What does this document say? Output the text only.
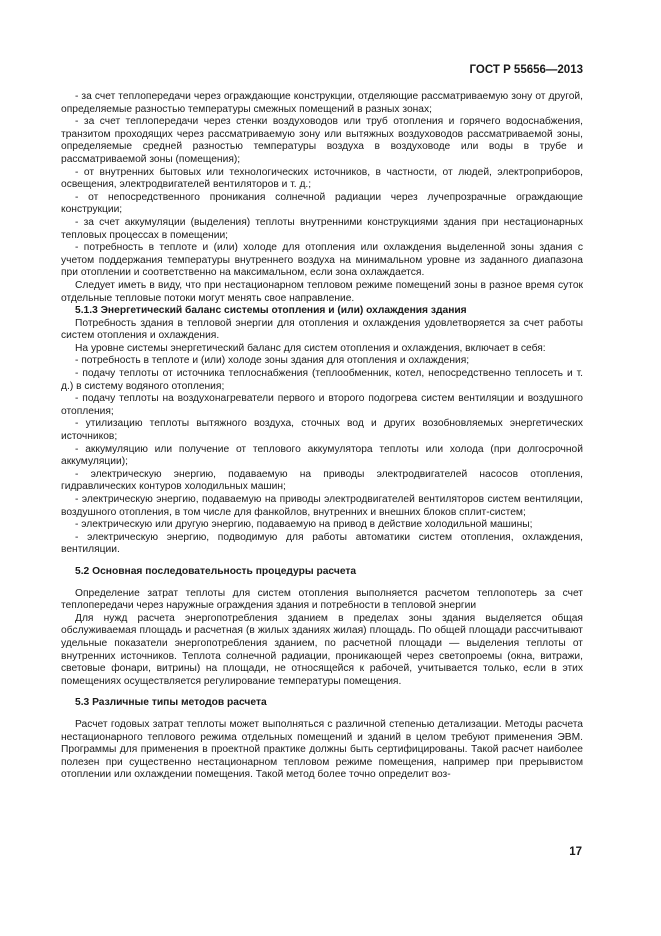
ГОСТ Р 55656—2013

- за счет теплопередачи через ограждающие конструкции, отделяющие рассматриваемую зону от другой, определяемые разностью температуры смежных помещений в разных зонах;

- за счет теплопередачи через стенки воздуховодов или труб отопления и горячего водоснабжения, транзитом проходящих через рассматриваемую зону или вытяжных воздуховодов рассматриваемой зоны, определяемые средней разностью температуры воздуха в воздуховоде или воды в трубе и рассматриваемой зоны (помещения);

- от внутренних бытовых или технологических источников, в частности, от людей, электроприборов, освещения, электродвигателей вентиляторов и т. д.;

- от непосредственного проникания солнечной радиации через лучепрозрачные ограждающие конструкции;

- за счет аккумуляции (выделения) теплоты внутренними конструкциями здания при нестационарных тепловых процессах в помещении;

- потребность в теплоте и (или) холоде для отопления или охлаждения выделенной зоны здания с учетом поддержания температуры внутреннего воздуха на минимальном уровне из заданного диапазона при отоплении и соответственно на максимальном, если зона охлаждается.

Следует иметь в виду, что при нестационарном тепловом режиме помещений зоны в разное время суток отдельные тепловые потоки могут менять свое направление.

5.1.3 Энергетический баланс системы отопления и (или) охлаждения здания

Потребность здания в тепловой энергии для отопления и охлаждения удовлетворяется за счет работы систем отопления и охлаждения.

На уровне системы энергетический баланс для систем отопления и охлаждения, включает в себя:

- потребность в теплоте и (или) холоде зоны здания для отопления и охлаждения;

- подачу теплоты от источника теплоснабжения (теплообменник, котел, непосредственно теплосеть и т. д.) в систему водяного отопления;

- подачу теплоты на воздухонагреватели первого и второго подогрева систем вентиляции и воздушного отопления;

- утилизацию теплоты вытяжного воздуха, сточных вод и других возобновляемых энергетических источников;

- аккумуляцию или получение от теплового аккумулятора теплоты или холода (при долгосрочной аккумуляции);

- электрическую энергию, подаваемую на приводы электродвигателей насосов отопления, гидравлических контуров холодильных машин;

- электрическую энергию, подаваемую на приводы электродвигателей вентиляторов систем вентиляции, воздушного отопления, в том числе для фанкойлов, внутренних и внешних блоков сплит-систем;

- электрическую или другую энергию, подаваемую на привод в действие холодильной машины;

- электрическую энергию, подводимую для работы автоматики систем отопления, охлаждения, вентиляции.

5.2 Основная последовательность процедуры расчета

Определение затрат теплоты для систем отопления выполняется расчетом теплопотерь за счет теплопередачи через наружные ограждения здания и потребности в тепловой энергии

Для нужд расчета энергопотребления зданием в пределах зоны здания выделяется общая обслуживаемая площадь и расчетная (в жилых зданиях жилая) площадь. По общей площади рассчитывают удельные показатели энергопотребления зданием, по расчетной площади — выделения теплоты от внутренних источников. Теплота солнечной радиации, проникающей через светопроемы (окна, витражи, световые фонари, витрины) на площади, не относящейся к рабочей, учитывается только, если в этих помещениях осуществляется регулирование температуры помещения.

5.3 Различные типы методов расчета

Расчет годовых затрат теплоты может выполняться с различной степенью детализации. Методы расчета нестационарного теплового режима отдельных помещений и зданий в целом требуют применения ЭВМ. Программы для применения в проектной практике должны быть сертифицированы. Такой расчет наиболее полезен при существенно нестационарном тепловом режиме помещения, например при прерывистом отоплении или охлаждении помещения. Такой метод более точно определит воз-

17
